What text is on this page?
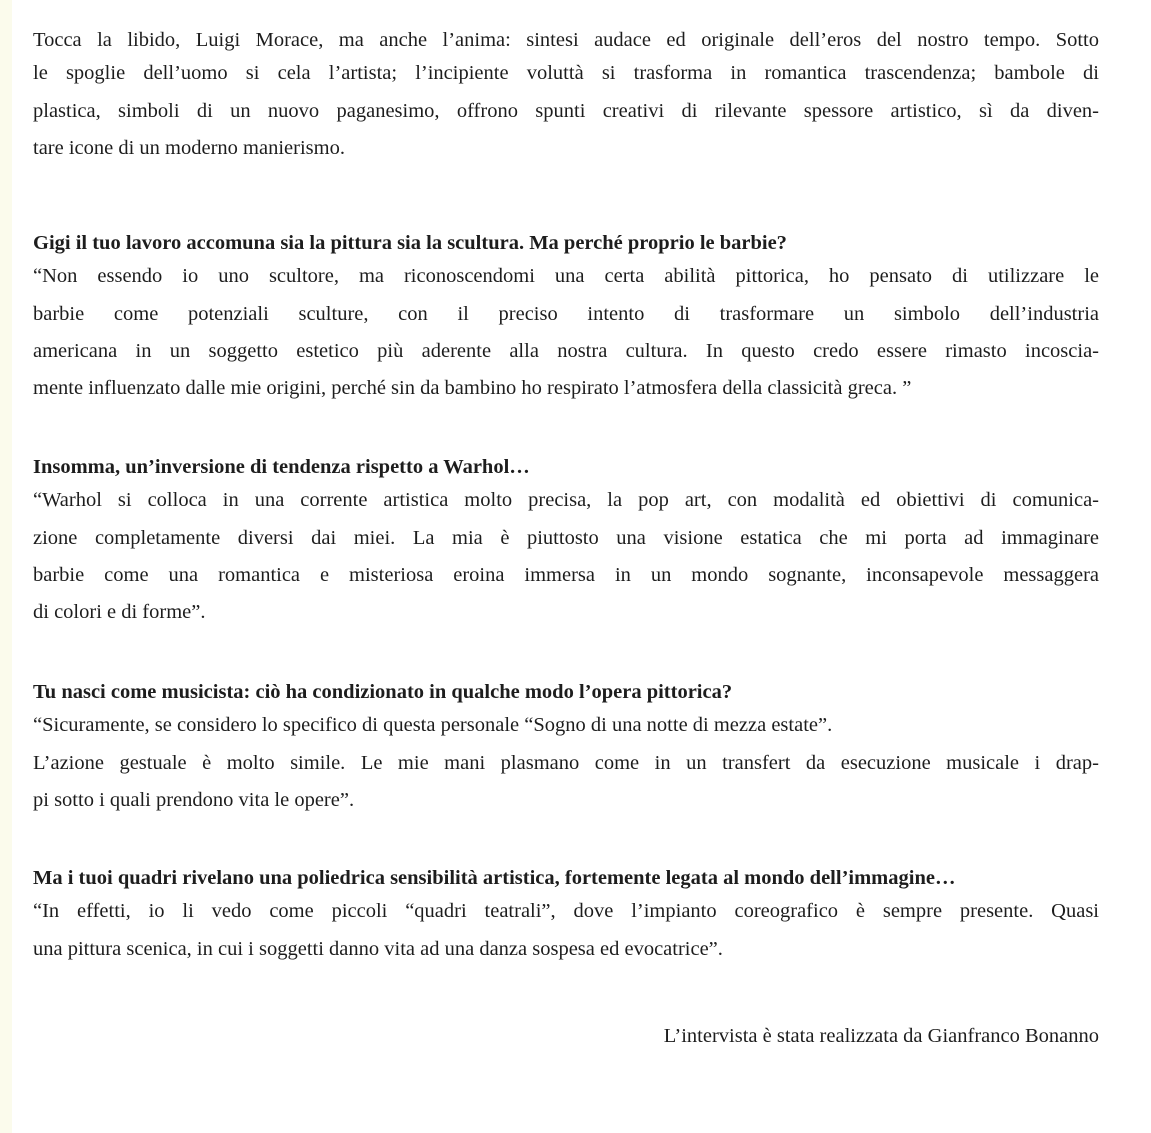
Tocca la libido, Luigi Morace, ma anche l’anima: sintesi audace ed originale dell’eros del nostro tempo. Sotto
le spoglie dell’uomo si cela l’artista; l’incipiente voluttà si trasforma in romantica trascendenza; bambole di
plastica, simboli di un nuovo paganesimo, offrono spunti creativi di rilevante spessore artistico, sì da diven-
tare icone di un moderno manierismo.
Gigi il tuo lavoro accomuna sia la pittura sia la scultura. Ma perché proprio le barbie?
“Non essendo io uno scultore, ma riconoscendomi una certa abilità pittorica, ho pensato di utilizzare le
barbie come potenziali sculture, con il preciso intento di trasformare un simbolo dell’industria
americana in un soggetto estetico più aderente alla nostra cultura. In questo credo essere rimasto incoscia-
mente influenzato dalle mie origini, perché sin da bambino ho respirato l’atmosfera della classicità greca. ”
Insomma, un’inversione di tendenza rispetto a Warhol…
“Warhol si colloca in una corrente artistica molto precisa, la pop art, con modalità ed obiettivi di comunica-
zione completamente diversi dai miei. La mia è piuttosto una visione estatica che mi porta ad immaginare
barbie come una romantica e misteriosa eroina immersa in un mondo sognante, inconsapevole messaggera
di colori e di forme”.
Tu nasci come musicista: ciò ha condizionato in qualche modo l’opera pittorica?
“Sicuramente, se considero lo specifico di questa personale “Sogno di una notte di mezza estate”.
L’azione gestuale è molto simile. Le mie mani plasmano come in un transfert da esecuzione musicale i drap-
pi sotto i quali prendono vita le opere”.
Ma i tuoi quadri rivelano una poliedrica sensibilità artistica, fortemente legata al mondo dell’immagine…
“In effetti, io li vedo come piccoli “quadri teatrali”, dove l’impianto coreografico è sempre presente. Quasi
una pittura scenica, in cui i soggetti danno vita ad una danza sospesa ed evocatrice”.
L’intervista è stata realizzata da Gianfranco Bonanno
